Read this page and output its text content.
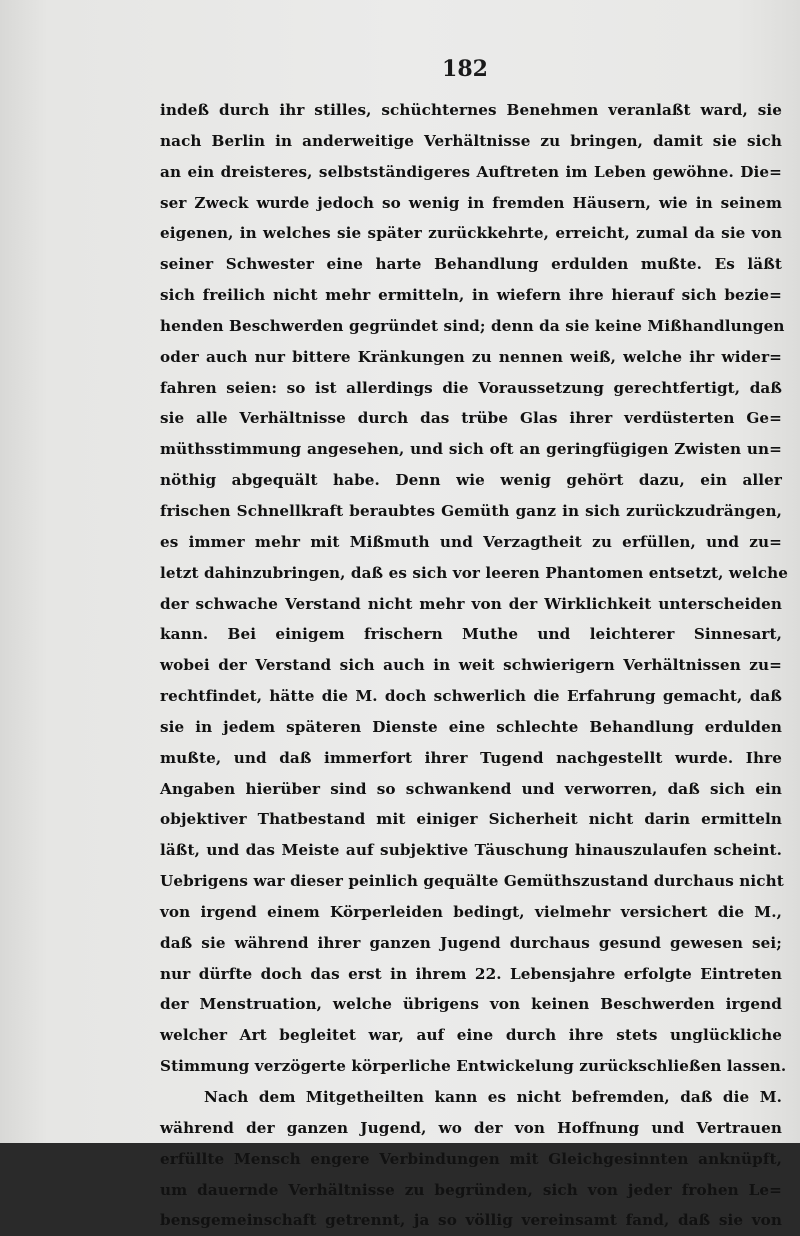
182
indeß durch ihr stilles, schüchternes Benehmen veranlaßt ward, sie
nach Berlin in anderweitige Verhältnisse zu bringen, damit sie sich
an ein dreisteres, selbstständigeres Auftreten im Leben gewöhne. Die=
ser Zweck wurde jedoch so wenig in fremden Häusern, wie in seinem
eigenen, in welches sie später zurückkehrte, erreicht, zumal da sie von
seiner Schwester eine harte Behandlung erdulden mußte. Es läßt
sich freilich nicht mehr ermitteln, in wiefern ihre hierauf sich bezie=
henden Beschwerden gegründet sind; denn da sie keine Mißhandlungen
oder auch nur bittere Kränkungen zu nennen weiß, welche ihr wider=
fahren seien: so ist allerdings die Voraussetzung gerechtfertigt, daß
sie alle Verhältnisse durch das trübe Glas ihrer verdüsterten Ge=
müthsstimmung angesehen, und sich oft an geringfügigen Zwisten un=
nöthig abgequält habe. Denn wie wenig gehört dazu, ein aller
frischen Schnellkraft beraubtes Gemüth ganz in sich zurückzudrängen,
es immer mehr mit Mißmuth und Verzagtheit zu erfüllen, und zu=
letzt dahinzubringen, daß es sich vor leeren Phantomen entsetzt, welche
der schwache Verstand nicht mehr von der Wirklichkeit unterscheiden
kann. Bei einigem frischern Muthe und leichterer Sinnesart,
wobei der Verstand sich auch in weit schwierigern Verhältnissen zu=
rechtfindet, hätte die M. doch schwerlich die Erfahrung gemacht, daß
sie in jedem späteren Dienste eine schlechte Behandlung erdulden
mußte, und daß immerfort ihrer Tugend nachgestellt wurde. Ihre
Angaben hierüber sind so schwankend und verworren, daß sich ein
objektiver Thatbestand mit einiger Sicherheit nicht darin ermitteln
läßt, und das Meiste auf subjektive Täuschung hinauszulaufen scheint.
Uebrigens war dieser peinlich gequälte Gemüthszustand durchaus nicht
von irgend einem Körperleiden bedingt, vielmehr versichert die M.,
daß sie während ihrer ganzen Jugend durchaus gesund gewesen sei;
nur dürfte doch das erst in ihrem 22. Lebensjahre erfolgte Eintreten
der Menstruation, welche übrigens von keinen Beschwerden irgend
welcher Art begleitet war, auf eine durch ihre stets unglückliche
Stimmung verzögerte körperliche Entwickelung zurückschließen lassen.
Nach dem Mitgetheilten kann es nicht befremden, daß die M.
während der ganzen Jugend, wo der von Hoffnung und Vertrauen
erfüllte Mensch engere Verbindungen mit Gleichgesinnten anknüpft,
um dauernde Verhältnisse zu begründen, sich von jeder frohen Le=
bensgemeinschaft getrennt, ja so völlig vereinsamt fand, daß sie von
